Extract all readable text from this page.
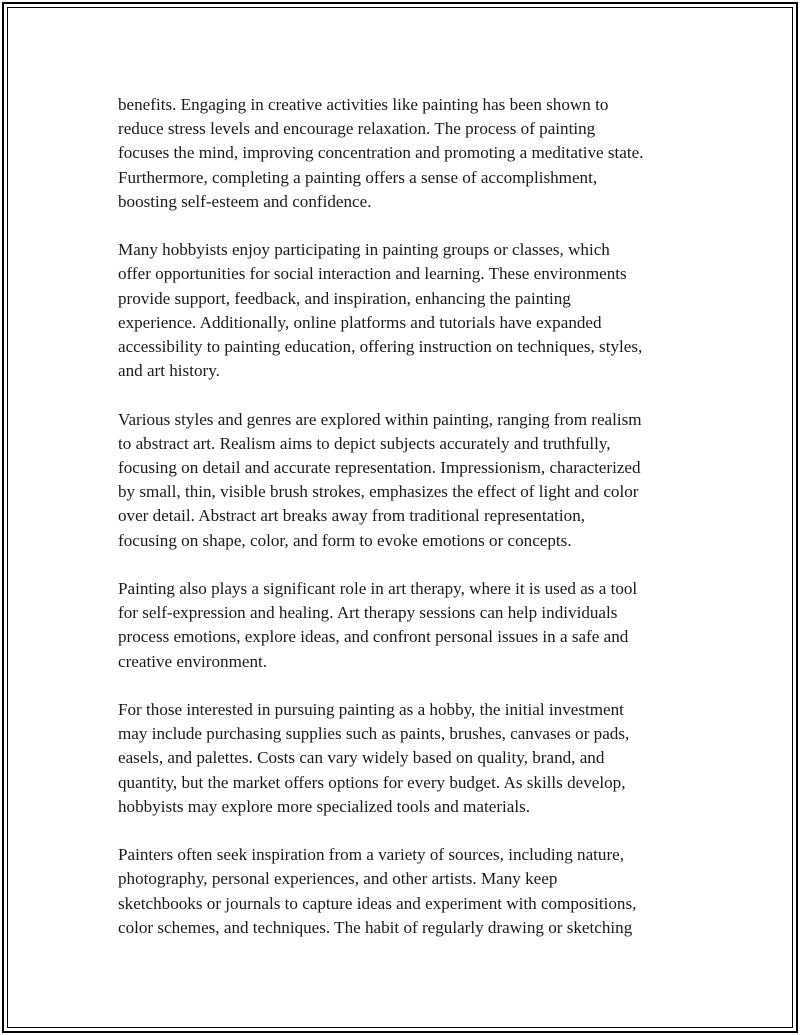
benefits. Engaging in creative activities like painting has been shown to
reduce stress levels and encourage relaxation. The process of painting
focuses the mind, improving concentration and promoting a meditative state.
Furthermore, completing a painting offers a sense of accomplishment,
boosting self-esteem and confidence.

Many hobbyists enjoy participating in painting groups or classes, which
offer opportunities for social interaction and learning. These environments
provide support, feedback, and inspiration, enhancing the painting
experience. Additionally, online platforms and tutorials have expanded
accessibility to painting education, offering instruction on techniques, styles,
and art history.

Various styles and genres are explored within painting, ranging from realism
to abstract art. Realism aims to depict subjects accurately and truthfully,
focusing on detail and accurate representation. Impressionism, characterized
by small, thin, visible brush strokes, emphasizes the effect of light and color
over detail. Abstract art breaks away from traditional representation,
focusing on shape, color, and form to evoke emotions or concepts.

Painting also plays a significant role in art therapy, where it is used as a tool
for self-expression and healing. Art therapy sessions can help individuals
process emotions, explore ideas, and confront personal issues in a safe and
creative environment.

For those interested in pursuing painting as a hobby, the initial investment
may include purchasing supplies such as paints, brushes, canvases or pads,
easels, and palettes. Costs can vary widely based on quality, brand, and
quantity, but the market offers options for every budget. As skills develop,
hobbyists may explore more specialized tools and materials.

Painters often seek inspiration from a variety of sources, including nature,
photography, personal experiences, and other artists. Many keep
sketchbooks or journals to capture ideas and experiment with compositions,
color schemes, and techniques. The habit of regularly drawing or sketching
